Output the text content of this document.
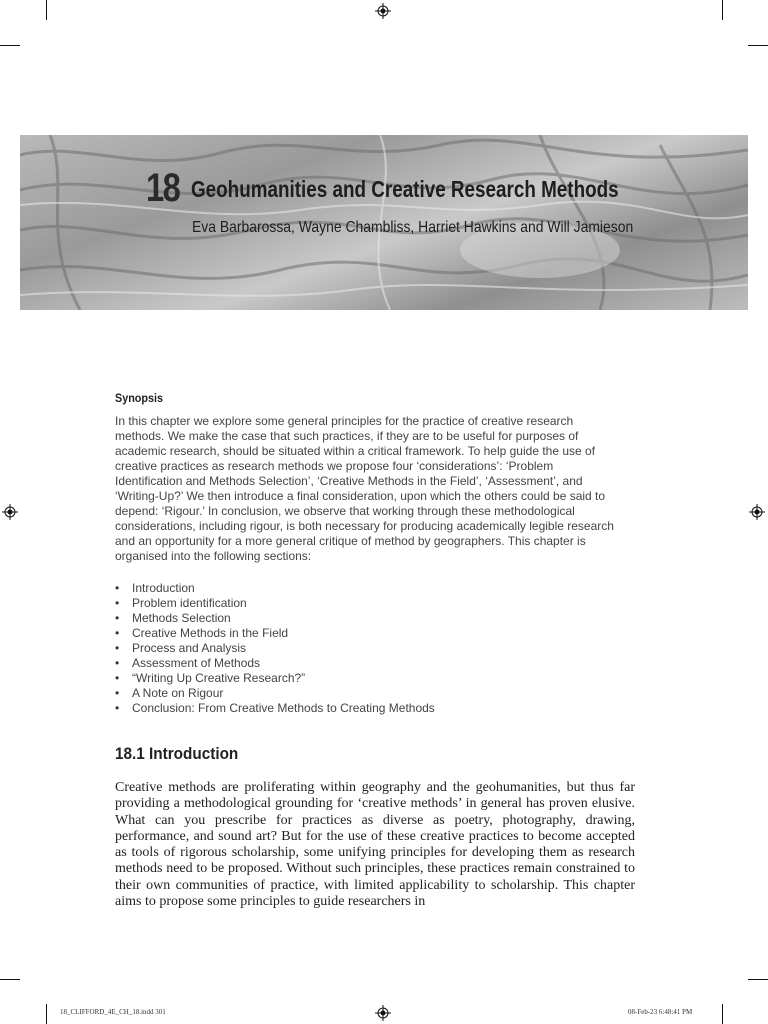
18 Geohumanities and Creative Research Methods
Eva Barbarossa, Wayne Chambliss, Harriet Hawkins and Will Jamieson
Synopsis
In this chapter we explore some general principles for the practice of creative research methods. We make the case that such practices, if they are to be useful for purposes of academic research, should be situated within a critical framework. To help guide the use of creative practices as research methods we propose four ‘considerations’: ‘Problem Identification and Methods Selection’, ‘Creative Methods in the Field’, ‘Assessment’, and ‘Writing-Up?’ We then introduce a final consideration, upon which the others could be said to depend: ‘Rigour.’ In conclusion, we observe that working through these methodological considerations, including rigour, is both necessary for producing academically legible research and an opportunity for a more general critique of method by geographers. This chapter is organised into the following sections:
• Introduction
• Problem identification
• Methods Selection
• Creative Methods in the Field
• Process and Analysis
• Assessment of Methods
• “Writing Up Creative Research?”
• A Note on Rigour
• Conclusion: From Creative Methods to Creating Methods
18.1 Introduction
Creative methods are proliferating within geography and the geohumanities, but thus far providing a methodological grounding for ‘creative methods’ in general has proven elusive. What can you prescribe for practices as diverse as poetry, photography, drawing, performance, and sound art? But for the use of these creative practices to become accepted as tools of rigorous scholarship, some unifying principles for developing them as research methods need to be proposed. Without such principles, these practices remain constrained to their own communities of practice, with limited applicability to scholarship. This chapter aims to propose some principles to guide researchers in
18_CLIFFORD_4E_CH_18.indd 301	08-Feb-23 6:48:41 PM
